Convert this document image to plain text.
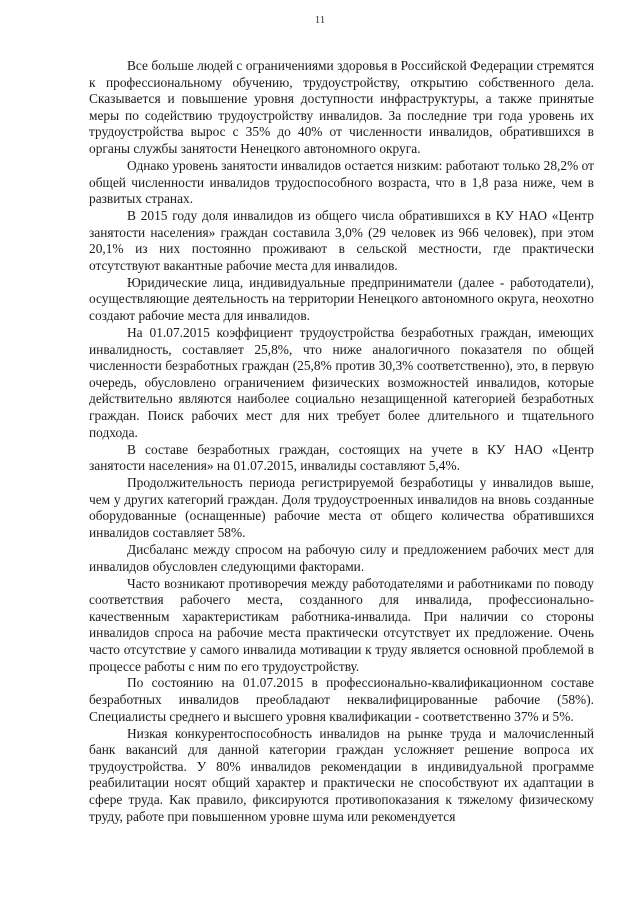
11

Все больше людей с ограничениями здоровья в Российской Федерации стремятся к профессиональному обучению, трудоустройству, открытию собственного дела. Сказывается и повышение уровня доступности инфраструктуры, а также принятые меры по содействию трудоустройству инвалидов. За последние три года уровень их трудоустройства вырос с 35% до 40% от численности инвалидов, обратившихся в органы службы занятости Ненецкого автономного округа.

Однако уровень занятости инвалидов остается низким: работают только 28,2% от общей численности инвалидов трудоспособного возраста, что в 1,8 раза ниже, чем в развитых странах.

В 2015 году доля инвалидов из общего числа обратившихся в КУ НАО «Центр занятости населения» граждан составила 3,0% (29 человек из 966 человек), при этом 20,1% из них постоянно проживают в сельской местности, где практически отсутствуют вакантные рабочие места для инвалидов.

Юридические лица, индивидуальные предприниматели (далее - работодатели), осуществляющие деятельность на территории Ненецкого автономного округа, неохотно создают рабочие места для инвалидов.

На 01.07.2015 коэффициент трудоустройства безработных граждан, имеющих инвалидность, составляет 25,8%, что ниже аналогичного показателя по общей численности безработных граждан (25,8% против 30,3% соответственно), это, в первую очередь, обусловлено ограничением физических возможностей инвалидов, которые действительно являются наиболее социально незащищенной категорией безработных граждан. Поиск рабочих мест для них требует более длительного и тщательного подхода.

В составе безработных граждан, состоящих на учете в КУ НАО «Центр занятости населения» на 01.07.2015, инвалиды составляют 5,4%.

Продолжительность периода регистрируемой безработицы у инвалидов выше, чем у других категорий граждан. Доля трудоустроенных инвалидов на вновь созданные оборудованные (оснащенные) рабочие места от общего количества обратившихся инвалидов составляет 58%.

Дисбаланс между спросом на рабочую силу и предложением рабочих мест для инвалидов обусловлен следующими факторами.

Часто возникают противоречия между работодателями и работниками по поводу соответствия рабочего места, созданного для инвалида, профессионально-качественным характеристикам работника-инвалида. При наличии со стороны инвалидов спроса на рабочие места практически отсутствует их предложение. Очень часто отсутствие у самого инвалида мотивации к труду является основной проблемой в процессе работы с ним по его трудоустройству.

По состоянию на 01.07.2015 в профессионально-квалификационном составе безработных инвалидов преобладают неквалифицированные рабочие (58%). Специалисты среднего и высшего уровня квалификации - соответственно 37% и 5%.

Низкая конкурентоспособность инвалидов на рынке труда и малочисленный банк вакансий для данной категории граждан усложняет решение вопроса их трудоустройства. У 80% инвалидов рекомендации в индивидуальной программе реабилитации носят общий характер и практически не способствуют их адаптации в сфере труда. Как правило, фиксируются противопоказания к тяжелому физическому труду, работе при повышенном уровне шума или рекомендуется
